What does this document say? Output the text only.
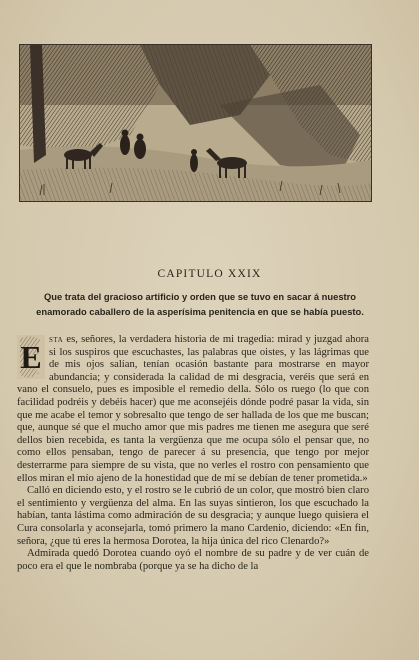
CAPITULO XXIX
Que trata del gracioso artificio y orden que se tuvo en sacar á nuestro enamorado caballero de la asperísima penitencia en que se había puesto.

E sta es, señores, la verdadera historia de mi tragedia: mirad y juzgad ahora si los suspiros que escuchastes, las palabras que oistes, y las lágrimas que de mis ojos salían, tenían ocasión bastante para mostrarse en mayor abundancia; y considerada la calidad de mi desgracia, veréis que será en vano el consuelo, pues es imposible el remedio della. Sólo os ruego (lo que con facilidad podréis y debéis hacer) que me aconsejéis dónde podré pasar la vida, sin que me acabe el temor y sobresalto que tengo de ser hallada de los que me buscan; que, aunque sé que el mucho amor que mis padres me tienen me asegura que seré dellos bien recebida, es tanta la vergüenza que me ocupa sólo el pensar que, no como ellos pensaban, tengo de parecer á su presencia, que tengo por mejor desterrarme para siempre de su vista, que no verles el rostro con pensamiento que ellos miran el mío ajeno de la honestidad que de mí se debían de tener prometida.»

Calló en diciendo esto, y el rostro se le cubrió de un color, que mostró bien claro el sentimiento y vergüenza del alma. En las suyas sintieron, los que escuchado la habían, tanta lástima como admiración de su desgracia; y aunque luego quisiera el Cura consolarla y aconsejarla, tomó primero la mano Cardenio, diciendo: «En fin, señora, ¿que tú eres la hermosa Dorotea, la hija única del rico Clenardo?»

Admirada quedó Dorotea cuando oyó el nombre de su padre y de ver cuán de poco era el que le nombraba (porque ya se ha dicho de la
